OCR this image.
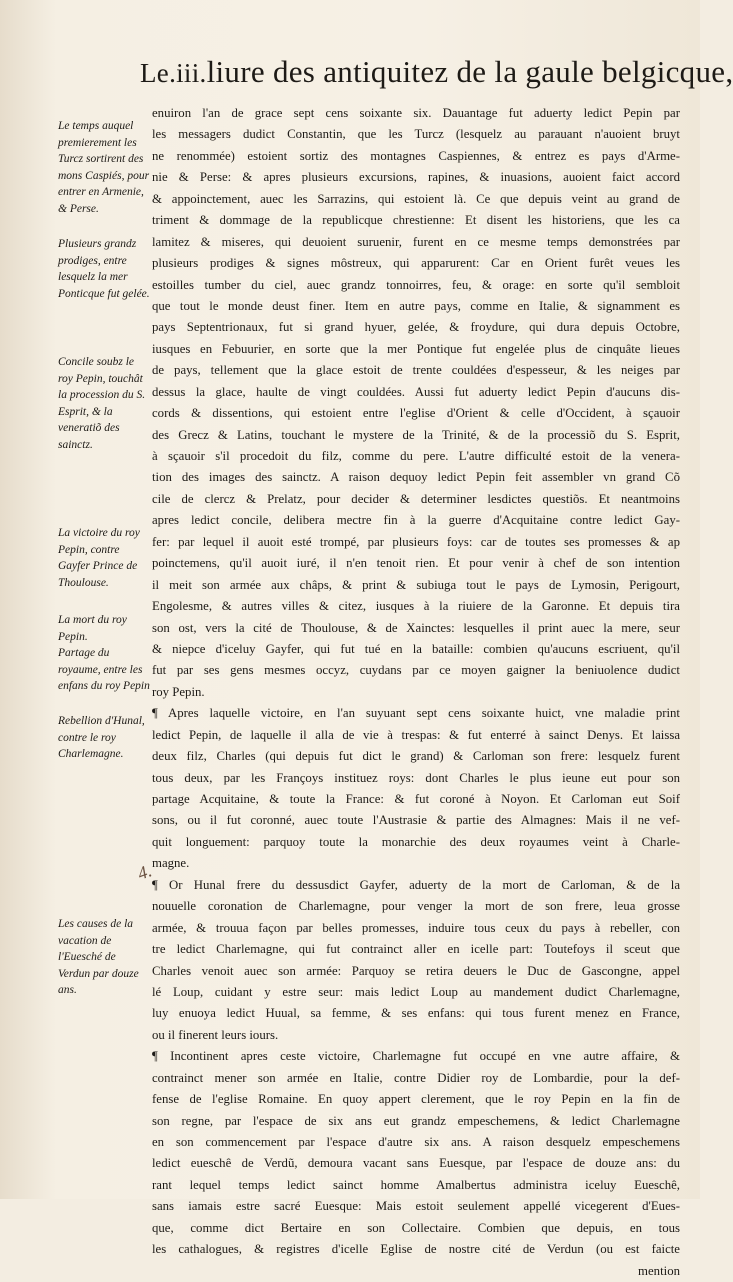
Le.iii.liure des antiquitez de la gaule belgicque,
Le temps auquel premierement les Turcz sortirent des mons Caspiés, pour entrer en Armenie, & Perse.
Plusieurs grandz prodiges, entre lesquelz la mer Ponticque fut gelée.
Concile soubz le roy Pepin, touchât la procession du S. Esprit, & la veneratiõ des sainctz.
La victoire du roy Pepin, contre Gayfer Prince de Thoulouse.
La mort du roy Pepin.
Partage du royaume, entre les enfans du roy Pepin
Rebellion d'Hunal, contre le roy Charlemagne.
Les causes de la vacation de l'Euesché de Verdun par douze ans.
4.
enuiron l'an de grace sept cens soixante six. Dauantage fut aduerty ledict Pepin par
les messagers dudict Constantin, que les Turcz (lesquelz au parauant n'auoient bruyt
ne renommée) estoient sortiz des montagnes Caspiennes, & entrez es pays d'Arme-
nie & Perse: & apres plusieurs excursions, rapines, & inuasions, auoient faict accord
& appoinctement, auec les Sarrazins, qui estoient là. Ce que depuis veint au grand de
triment & dommage de la republicque chrestienne: Et disent les historiens, que les ca
lamitez & miseres, qui deuoient suruenir, furent en ce mesme temps demonstrées par
plusieurs prodiges & signes môstreux, qui apparurent: Car en Orient furêt veues les
estoilles tumber du ciel, auec grandz tonnoirres, feu, & orage: en sorte qu'il sembloit
que tout le monde deust finer. Item en autre pays, comme en Italie, & signamment es
pays Septentrionaux, fut si grand hyuer, gelée, & froydure, qui dura depuis Octobre,
iusques en Febuurier, en sorte que la mer Pontique fut engelée plus de cinquâte lieues
de pays, tellement que la glace estoit de trente couldées d'espesseur, & les neiges par
dessus la glace, haulte de vingt couldées. Aussi fut aduerty ledict Pepin d'aucuns dis-
cords & dissentions, qui estoient entre l'eglise d'Orient & celle d'Occident, à sçauoir
des Grecz & Latins, touchant le mystere de la Trinité, & de la processiõ du S. Esprit,
à sçauoir s'il procedoit du filz, comme du pere. L'autre difficulté estoit de la venera-
tion des images des sainctz. A raison dequoy ledict Pepin feit assembler vn grand Cõ
cile de clercz & Prelatz, pour decider & determiner lesdictes questiõs. Et neantmoins
apres ledict concile, delibera mectre fin à la guerre d'Acquitaine contre ledict Gay-
fer: par lequel il auoit esté trompé, par plusieurs foys: car de toutes ses promesses & ap
poinctemens, qu'il auoit iuré, il n'en tenoit rien. Et pour venir à chef de son intention
il meit son armée aux châps, & print & subiuga tout le pays de Lymosin, Perigourt,
Engolesme, & autres villes & citez, iusques à la riuiere de la Garonne. Et depuis tira
son ost, vers la cité de Thoulouse, & de Xainctes: lesquelles il print auec la mere, seur
& niepce d'iceluy Gayfer, qui fut tué en la bataille: combien qu'aucuns escriuent, qu'il
fut par ses gens mesmes occyz, cuydans par ce moyen gaigner la beniuolence dudict
roy Pepin.
¶ Apres laquelle victoire, en l'an suyuant sept cens soixante huict, vne maladie print
ledict Pepin, de laquelle il alla de vie à trespas: & fut enterré à sainct Denys. Et laissa
deux filz, Charles (qui depuis fut dict le grand) & Carloman son frere: lesquelz furent
tous deux, par les Françoys instituez roys: dont Charles le plus ieune eut pour son
partage Acquitaine, & toute la France: & fut coroné à Noyon. Et Carloman eut Soif
sons, ou il fut coronné, auec toute l'Austrasie & partie des Almagnes: Mais il ne vef-
quit longuement: parquoy toute la monarchie des deux royaumes veint à Charle-
magne.
¶ Or Hunal frere du dessusdict Gayfer, aduerty de la mort de Carloman, & de la
nouuelle coronation de Charlemagne, pour venger la mort de son frere, leua grosse
armée, & trouua façon par belles promesses, induire tous ceux du pays à rebeller, con
tre ledict Charlemagne, qui fut contrainct aller en icelle part: Toutefoys il sceut que
Charles venoit auec son armée: Parquoy se retira deuers le Duc de Gascongne, appel
lé Loup, cuidant y estre seur: mais ledict Loup au mandement dudict Charlemagne,
luy enuoya ledict Huual, sa femme, & ses enfans: qui tous furent menez en France,
ou il finerent leurs iours.
¶ Incontinent apres ceste victoire, Charlemagne fut occupé en vne autre affaire, &
contrainct mener son armée en Italie, contre Didier roy de Lombardie, pour la def-
fense de l'eglise Romaine. En quoy appert clerement, que le roy Pepin en la fin de
son regne, par l'espace de six ans eut grandz empeschemens, & ledict Charlemagne
en son commencement par l'espace d'autre six ans. A raison desquelz empeschemens
ledict eueschê de Verdũ, demoura vacant sans Euesque, par l'espace de douze ans: du
rant lequel temps ledict sainct homme Amalbertus administra iceluy Eueschê,
sans iamais estre sacré Euesque: Mais estoit seulement appellé vicegerent d'Eues-
que, comme dict Bertaire en son Collectaire. Combien que depuis, en tous
les cathalogues, & registres d'icelle Eglise de nostre cité de Verdun (ou est faicte
mention
